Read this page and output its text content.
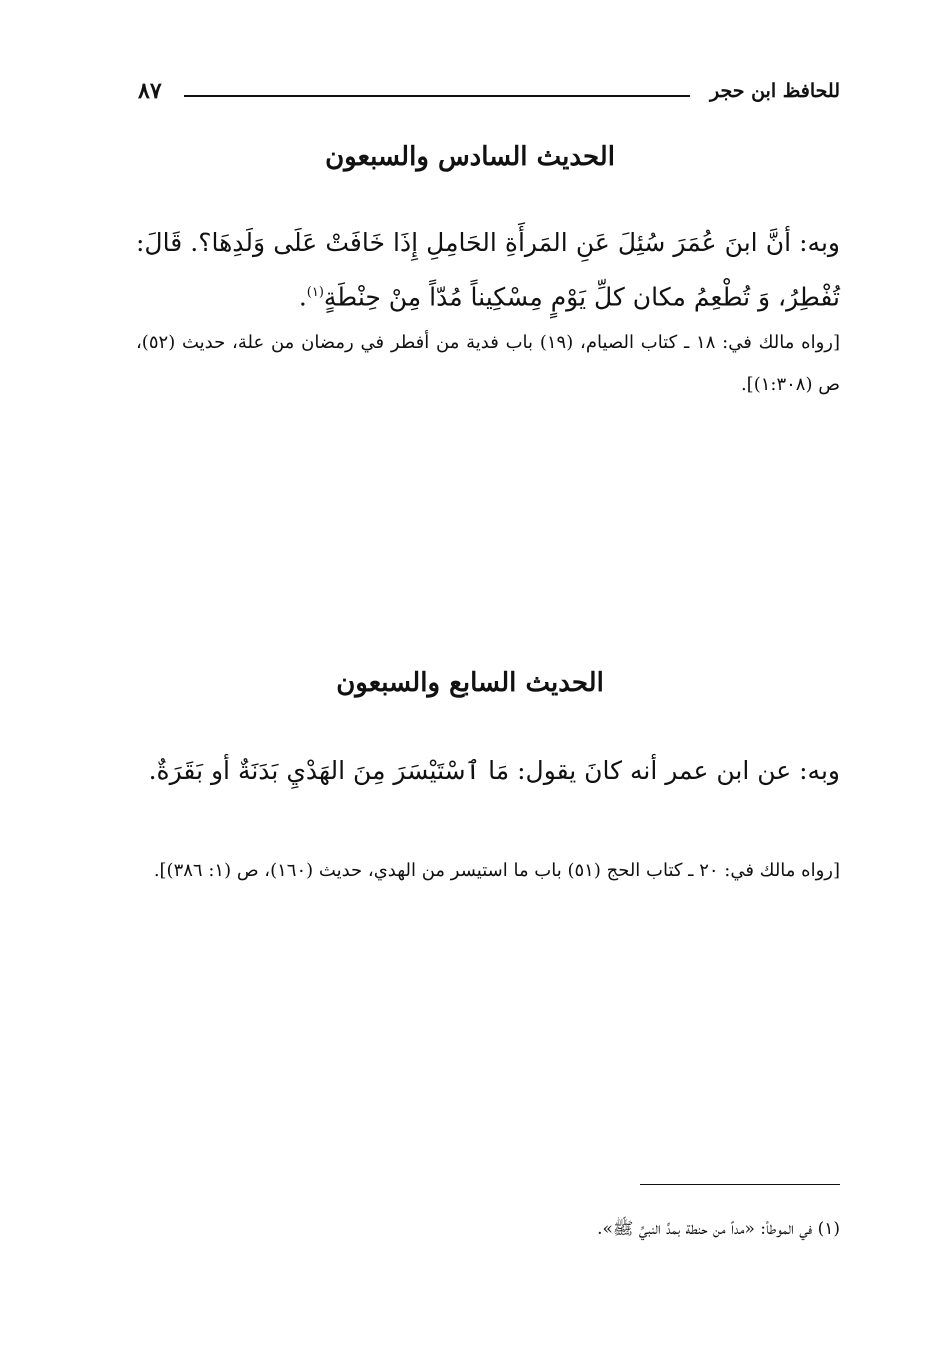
للحافظ ابن حجر
٨٧
الحديث السادس والسبعون
وبه: أنَّ ابنَ عُمَرَ سُئِلَ عَنِ المَرأَةِ الحَامِلِ إِذَا خَافَتْ عَلَى وَلَدِهَا؟. قَالَ: تُفْطِرُ، وَ تُطْعِمُ مكان كلِّ يَوْمٍ مِسْكِيناً مُدّاً مِنْ حِنْطَةٍ$^{(١)}$.
[رواه مالك في: ١٨ ـ كتاب الصيام، (١٩) باب فدية من أفطر في رمضان من علة، حديث (٥٢)، ص (١:٣٠٨)].
الحديث السابع والسبعون
وبه: عن ابن عمر أنه كانَ يقول: مَا ٱسْتَيْسَرَ مِنَ الهَدْيِ بَدَنَةٌ أو بَقَرَةٌ.
[رواه مالك في: ٢٠ ـ كتاب الحج (٥١) باب ما استيسر من الهدي، حديث (١٦٠)، ص (١: ٣٨٦)].
(١) في الموطأ: «مداً من حنطة بمدِّ النبيِّ ﷺ».
